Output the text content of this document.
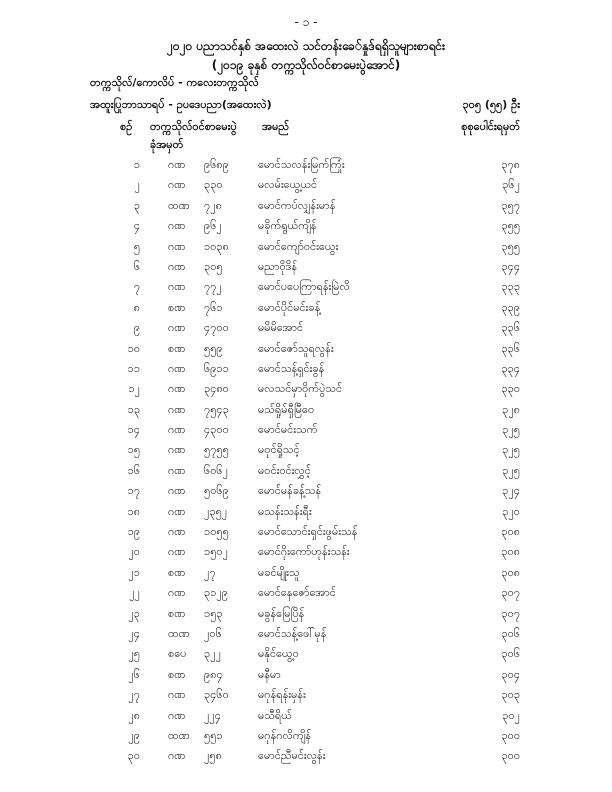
- ၁ -
၂၀၂၀ ပညာသင်နှစ် အထေးလဲ သင်တန်းခေ်နှုဒ်ရရှိသူများစာရင်း
(၂၀၁၉ ခုနှစ် တက္ကသိုလ်ဝင်စာမေးပွဲအောင်)
တက္ကသိုလ်/ကောလိပ် - ကလေးတက္ကသိုလ်
အထူးပြုဘာသာရပ် - ဥပဒေပညာ(အထေးလဲ)	၃၀၅ (၅၅) ဦး
စဉ် တက္ကသိုလ်ဝင်စာမေးပွဲ
ခုံအမှတ်
အမည်	စုစုပေါင်းရမှတ်
၁	ဂဏ ၉၆၈၉	မောင်သလန်းမြက်ကြုံး	၃၇၈
၂	ဂဏ ၃၃၀	မလမ်းယွေ့ယင်	၃၆၂
၃	ထဏ ၇၂၈	မောင်ကပ်လျှန်းမာန်	၃၅၇
၄	ဂဏ ၉၆၂	မခိုက်ရွယ်ကျိန်	၃၅၅
၅	ဂဏ ၁၀၃၈	မောင်ကျော်ဝင်းယွေး	၃၅၅
၆	ဂဏ ၃၀၅	မညာဝိုဒိန်	၃၄၄
၇	ဂဏ ၇၇၂	မောင်ပပေကြာရန်းမြဲလိ	၃၃၃
၈	စဏ ၇၆၁	မောင်ပိုင်မင်းခန့်	၃၃၉
၉	ဂဏ ၄၇၀၀	မမိမိအောင်	၃၃၆
၁၀	စဏ ၅၅၉	မောင်ဇော်သူရလွန်း	၃၃၆
၁၁	ဂဏ ၆၉၁၁	မောင်သန့်ရှင်းခွန်	၃၃၄
၁၂	ဂဏ ၃၄၈၀	မလသင်မှာဝိုက်ပွဲသင်	၃၃၀
၁၃	ဂဏ ၇၅၄၃	မသ်ရှိုမ်ရှီမြီဝေ	၃၂၈
၁၄	ဂဏ ၄၃၀၀	မောင်မင်းသက်	၃၂၅
၁၅	ဂဏ ၅၇၅၅	မဝုင်ရှိုသင့်	၃၂၅
၁၆	ဂဏ ၆၀၆၂	မဝင်းဝင်းလွှင့်	၃၂၅
၁၇	ဂဏ ၅၀၆၉	မောင်မန်ခန့်သန်	၃၂၄
၁၈	ဂဏ ၂၃၅၂	မသန်းသန်းရီး	၃၂၀
၁၉	ဂဏ ၁၀၅၅	မောင်သောင်းရှင်းဖွမ်းသန်	၃၀၈
၂၀	ဂဏ ၁၅၀၂	မောင်ဂိုးကော်ဟုန်းသန်း	၃၀၈
၂၁	စဏ ၂၇	မခင်မျိုးသူ	၃၀၈
၂၂	ဂဏ ၃၁၂၉	မောင်နေဇော်အောင်	၃၀၇
၂၃	စဏ ၁၅၃	မခွန်မြေပြိန်	၃၀၇
၂၄	ထဏ ၂၀၆	မောင်သန့်ဖေါ်မုန်	၃၀၆
၂၅	စပေ ၃၂၂	မနိုင်ယွေ့ဝ	၃၀၆
၂၆	စဏ ၉၈၄	မနီမာ	၃၀၄
၂၇	ဂဏ ၃၄၆၀	မဂုန်ရန်းမှန်း	၃၀၃
၂၈	ဂဏ ၂၂၄	မသီရိယ်	၃၀၂
၂၉	ထဏ ၅၅၁	မဂုန်ဂလိကျိန်	၃၀၀
၃၀	ဂဏ ၂၅၈	မောင်ညီမင်းလွန်း	၃၀၀
